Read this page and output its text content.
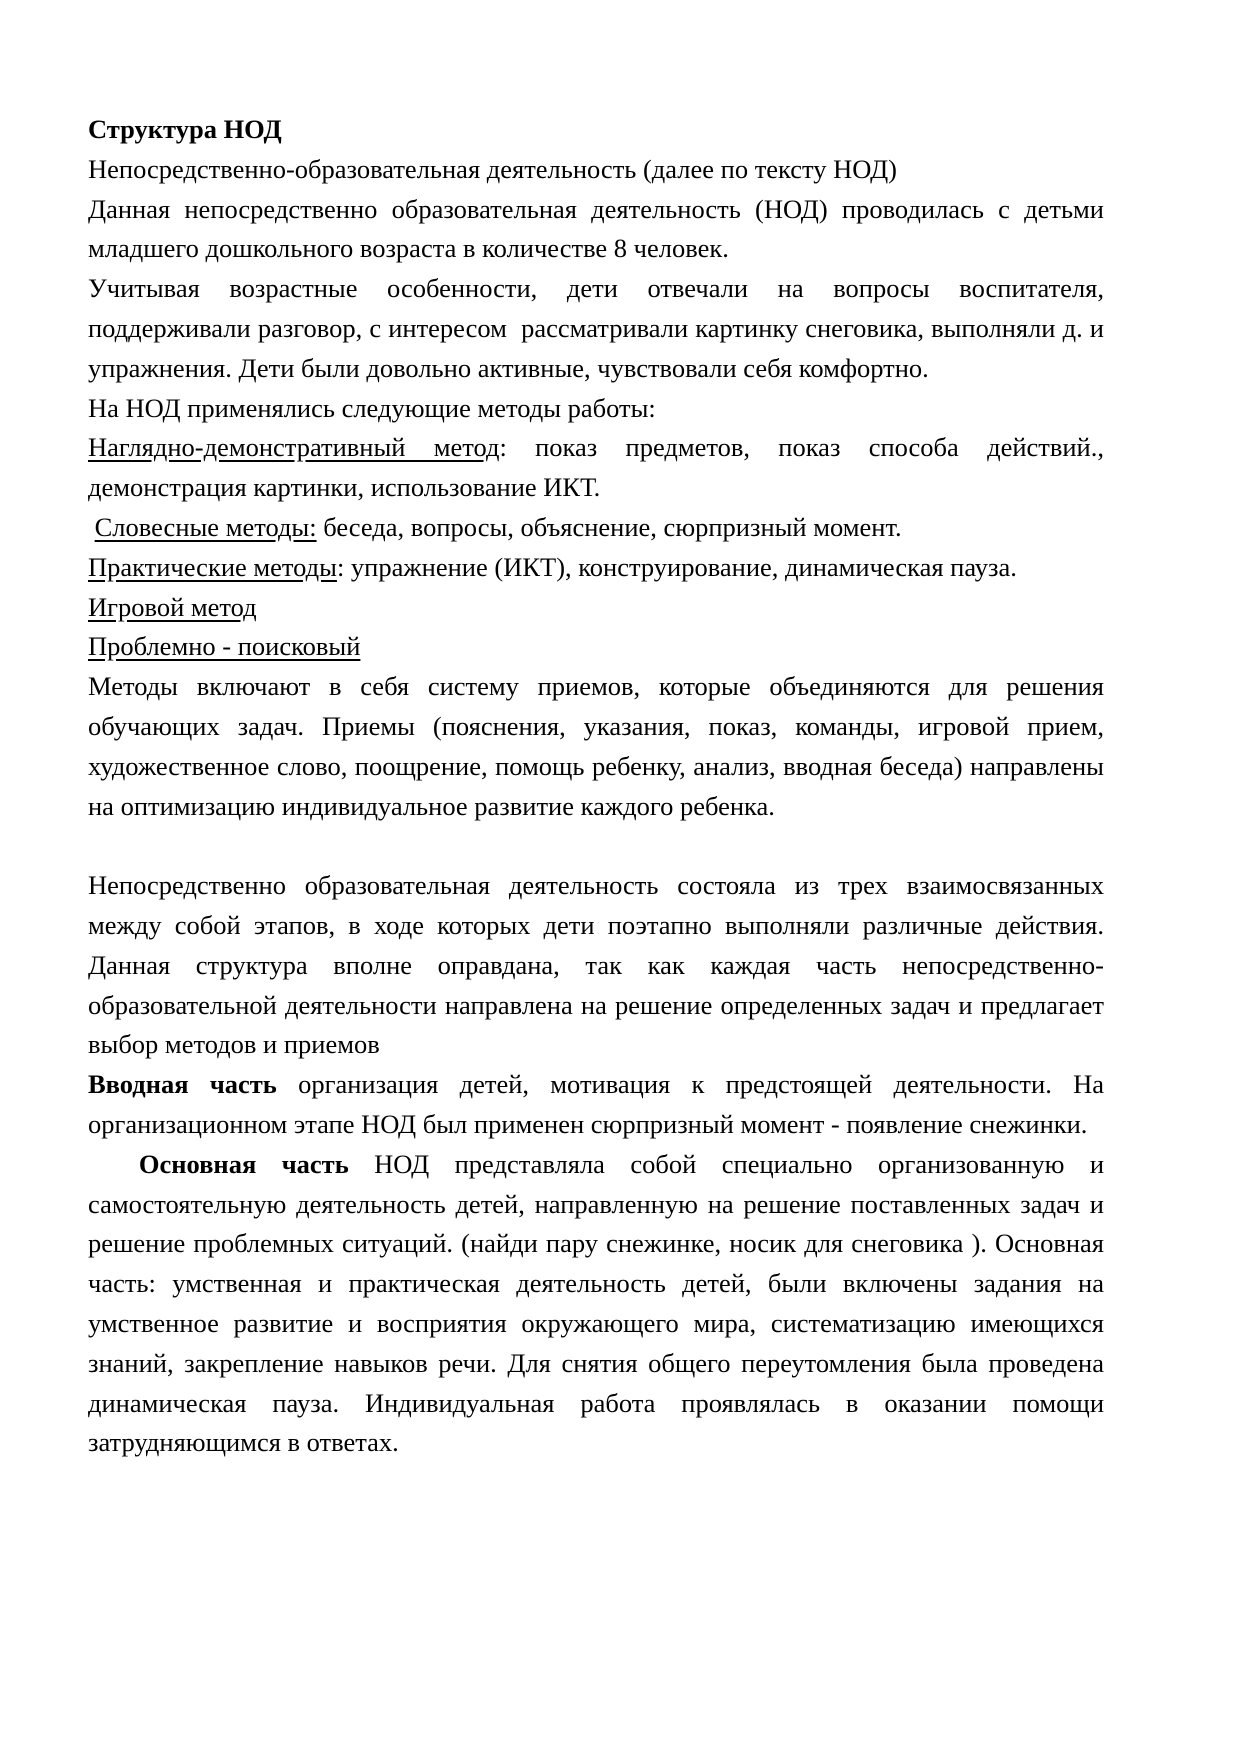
Структура НОД

Непосредственно-образовательная деятельность (далее по тексту НОД)

Данная непосредственно образовательная деятельность (НОД) проводилась с детьми младшего дошкольного возраста в количестве 8 человек.

Учитывая возрастные особенности, дети отвечали на вопросы воспитателя, поддерживали разговор, с интересом  рассматривали картинку снеговика, выполняли д. и упражнения. Дети были довольно активные, чувствовали себя комфортно.

На НОД применялись следующие методы работы:

Наглядно-демонстративный метод: показ предметов, показ способа действий., демонстрация картинки, использование ИКТ.

Словесные методы: беседа, вопросы, объяснение, сюрпризный момент.

Практические методы: упражнение (ИКТ), конструирование, динамическая пауза.

Игровой метод

Проблемно - поисковый

Методы включают в себя систему приемов, которые объединяются для решения обучающих задач. Приемы (пояснения, указания, показ, команды, игровой прием, художественное слово, поощрение, помощь ребенку, анализ, вводная беседа) направлены на оптимизацию индивидуальное развитие каждого ребенка.

Непосредственно образовательная деятельность состояла из трех взаимосвязанных между собой этапов, в ходе которых дети поэтапно выполняли различные действия. Данная структура вполне оправдана, так как каждая часть непосредственно-образовательной деятельности направлена на решение определенных задач и предлагает выбор методов и приемов

Вводная часть организация детей, мотивация к предстоящей деятельности. На организационном этапе НОД был применен сюрпризный момент - появление снежинки.

Основная часть НОД представляла собой специально организованную и самостоятельную деятельность детей, направленную на решение поставленных задач и  решение проблемных ситуаций. (найди пару снежинке, носик для снеговика ). Основная часть: умственная и практическая деятельность детей, были включены задания на умственное развитие и восприятия окружающего мира, систематизацию имеющихся знаний, закрепление навыков речи. Для снятия общего переутомления была проведена динамическая пауза. Индивидуальная работа проявлялась в оказании помощи затрудняющимся в ответах.
